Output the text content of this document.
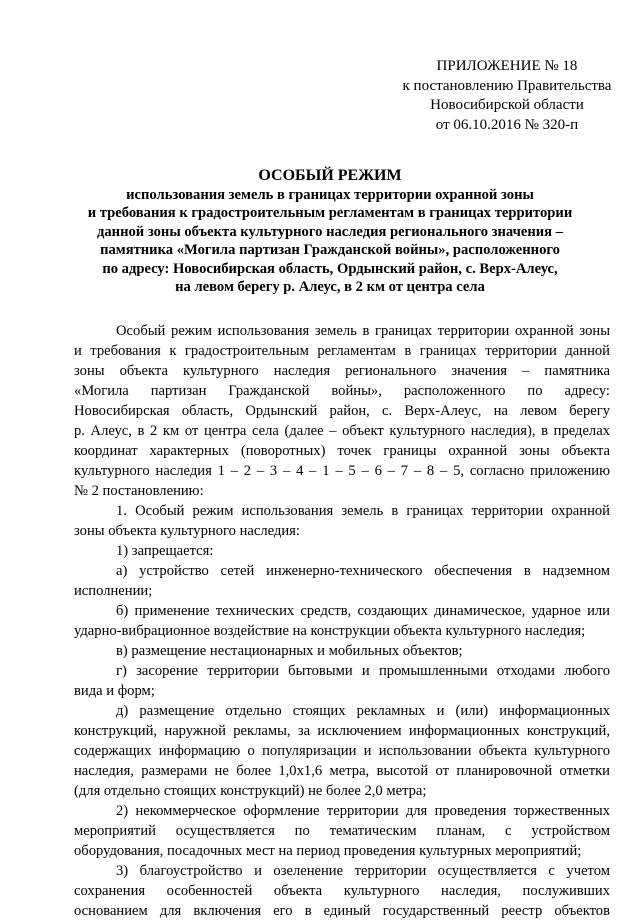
ПРИЛОЖЕНИЕ № 18
к постановлению Правительства
Новосибирской области
от 06.10.2016 № 320-п
ОСОБЫЙ РЕЖИМ
использования земель в границах территории охранной зоны
и требования к градостроительным регламентам в границах территории
данной зоны объекта культурного наследия регионального значения –
памятника «Могила партизан Гражданской войны», расположенного
по адресу: Новосибирская область, Ордынский район, с. Верх-Алеус,
на левом берегу р. Алеус, в 2 км от центра села
Особый режим использования земель в границах территории охранной зоны
и требования к градостроительным регламентам в границах территории данной
зоны объекта культурного наследия регионального значения – памятника
«Могила партизан Гражданской войны», расположенного по адресу:
Новосибирская область, Ордынский район, с. Верх-Алеус, на левом берегу
р. Алеус, в 2 км от центра села (далее – объект культурного наследия), в пределах
координат характерных (поворотных) точек границы охранной зоны объекта
культурного наследия 1 – 2 – 3 – 4 – 1 – 5 – 6 – 7 – 8 – 5, согласно приложению
№ 2 постановлению:
1. Особый режим использования земель в границах территории охранной
зоны объекта культурного наследия:
1) запрещается:
а) устройство сетей инженерно-технического обеспечения в надземном
исполнении;
б) применение технических средств, создающих динамическое, ударное или
ударно-вибрационное воздействие на конструкции объекта культурного наследия;
в) размещение нестационарных и мобильных объектов;
г) засорение территории бытовыми и промышленными отходами любого
вида и форм;
д) размещение отдельно стоящих рекламных и (или) информационных
конструкций, наружной рекламы, за исключением информационных конструкций,
содержащих информацию о популяризации и использовании объекта культурного
наследия, размерами не более 1,0х1,6 метра, высотой от планировочной отметки
(для отдельно стоящих конструкций) не более 2,0 метра;
2) некоммерческое оформление территории для проведения торжественных
мероприятий осуществляется по тематическим планам, с устройством
оборудования, посадочных мест на период проведения культурных мероприятий;
3) благоустройство и озеленение территории осуществляется с учетом
сохранения особенностей объекта культурного наследия, послуживших
основанием для включения его в единый государственный реестр объектов
